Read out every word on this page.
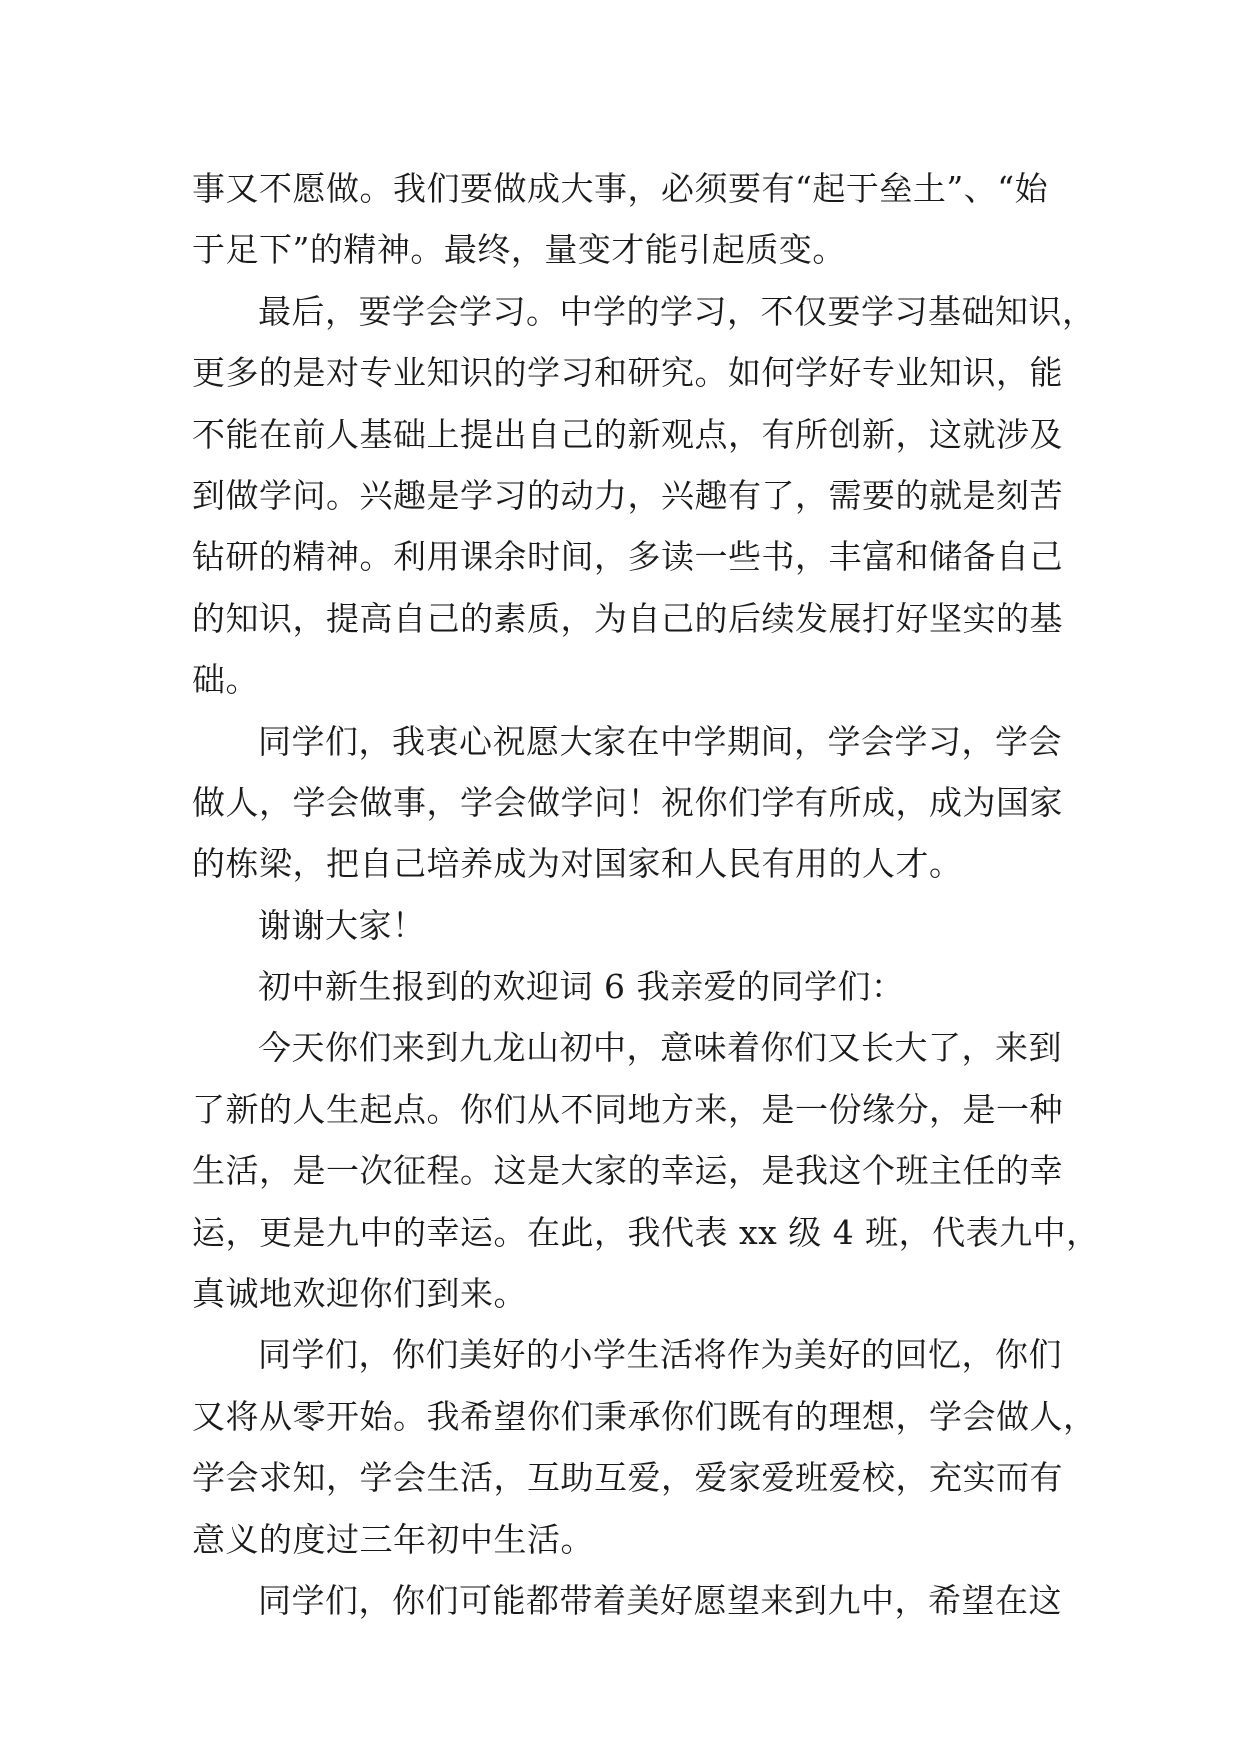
事又不愿做。我们要做成大事，必须要有“起于垒土”、“始
于足下”的精神。最终，量变才能引起质变。
最后，要学会学习。中学的学习，不仅要学习基础知识，
更多的是对专业知识的学习和研究。如何学好专业知识，能
不能在前人基础上提出自己的新观点，有所创新，这就涉及
到做学问。兴趣是学习的动力，兴趣有了，需要的就是刻苦
钻研的精神。利用课余时间，多读一些书，丰富和储备自己
的知识，提高自己的素质，为自己的后续发展打好坚实的基
础。
同学们，我衷心祝愿大家在中学期间，学会学习，学会
做人，学会做事，学会做学问！祝你们学有所成，成为国家
的栋梁，把自己培养成为对国家和人民有用的人才。
谢谢大家！
初中新生报到的欢迎词 6 我亲爱的同学们：
今天你们来到九龙山初中，意味着你们又长大了，来到
了新的人生起点。你们从不同地方来，是一份缘分，是一种
生活，是一次征程。这是大家的幸运，是我这个班主任的幸
运，更是九中的幸运。在此，我代表 xx 级 4 班，代表九中，
真诚地欢迎你们到来。
同学们，你们美好的小学生活将作为美好的回忆，你们
又将从零开始。我希望你们秉承你们既有的理想，学会做人，
学会求知，学会生活，互助互爱，爱家爱班爱校，充实而有
意义的度过三年初中生活。
同学们，你们可能都带着美好愿望来到九中，希望在这
